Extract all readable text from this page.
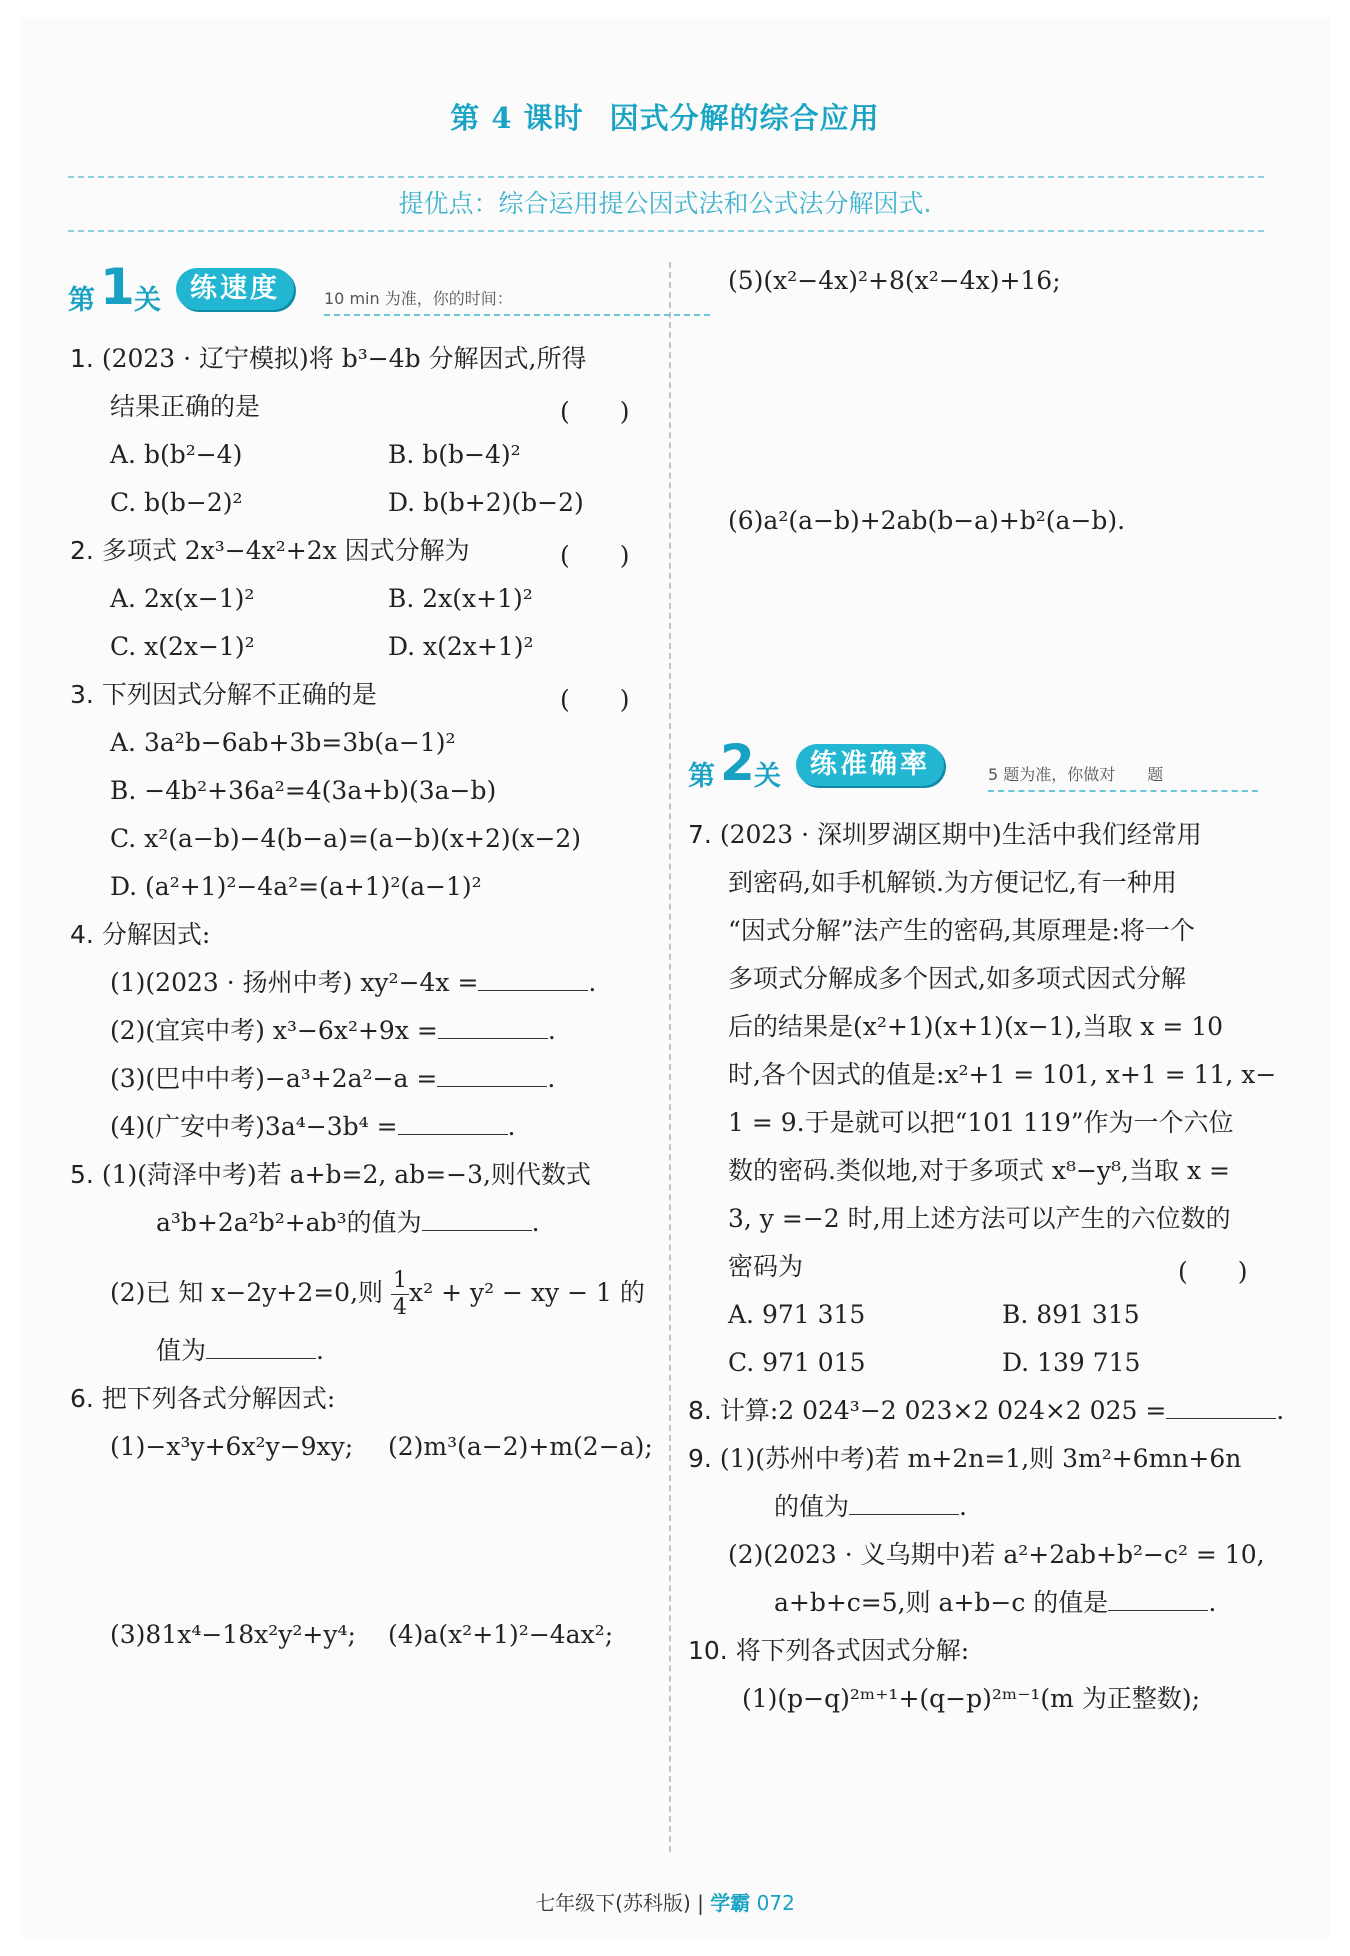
第 4 课时 因式分解的综合应用
提优点：综合运用提公因式法和公式法分解因式.
第 1 关	练速度	10 min 为准，你的时间：
1. (2023 · 辽宁模拟)将 b³−4b 分解因式,所得
结果正确的是	(　　)
A. b(b²−4)	B. b(b−4)²
C. b(b−2)²	D. b(b+2)(b−2)
2. 多项式 2x³−4x²+2x 因式分解为	(　　)
A. 2x(x−1)²	B. 2x(x+1)²
C. x(2x−1)²	D. x(2x+1)²
3. 下列因式分解不正确的是	(　　)
A. 3a²b−6ab+3b=3b(a−1)²
B. −4b²+36a²=4(3a+b)(3a−b)
C. x²(a−b)−4(b−a)=(a−b)(x+2)(x−2)
D. (a²+1)²−4a²=(a+1)²(a−1)²
4. 分解因式:
(1)(2023 · 扬州中考) xy²−4x =	.
(2)(宜宾中考) x³−6x²+9x =	.
(3)(巴中中考)−a³+2a²−a =	.
(4)(广安中考)3a⁴−3b⁴ =	.
5. (1)(菏泽中考)若 a+b=2, ab=−3,则代数式
a³b+2a²b²+ab³的值为	.
(2)已 知 x−2y+2=0,则 $\frac{1}{4} x^2 + y^2$ − xy − 1 的
值为	.
6. 把下列各式分解因式:
(1)−x³y+6x²y−9xy; (2)m³(a−2)+m(2−a);
(3)81x⁴−18x²y²+y⁴; (4)a(x²+1)²−4ax²;
(5)(x²−4x)²+8(x²−4x)+16;
(6)a²(a−b)+2ab(b−a)+b²(a−b).
第 2 关	练准确率	5 题为准，你做对　　题
7. (2023 · 深圳罗湖区期中)生活中我们经常用
到密码,如手机解锁.为方便记忆,有一种用
“因式分解”法产生的密码,其原理是:将一个
多项式分解成多个因式,如多项式因式分解
后的结果是(x²+1)(x+1)(x−1),当取 x = 10
时,各个因式的值是:x²+1 = 101, x+1 = 11, x−
1 = 9.于是就可以把“101 119”作为一个六位
数的密码.类似地,对于多项式 x⁸−y⁸,当取 x =
3, y =−2 时,用上述方法可以产生的六位数的
密码为	(　　)
A. 971 315	B. 891 315
C. 971 015	D. 139 715
8. 计算:2 024³−2 023×2 024×2 025 =	.
9. (1)(苏州中考)若 m+2n=1,则 3m²+6mn+6n
的值为	.
(2)(2023 · 义乌期中)若 a²+2ab+b²−c² = 10,
a+b+c=5,则 a+b−c 的值是	.
10. 将下列各式因式分解:
(1)(p−q)²ᵐ⁺¹+(q−p)²ᵐ⁻¹(m 为正整数);
七年级下(苏科版) | 学霸 072
